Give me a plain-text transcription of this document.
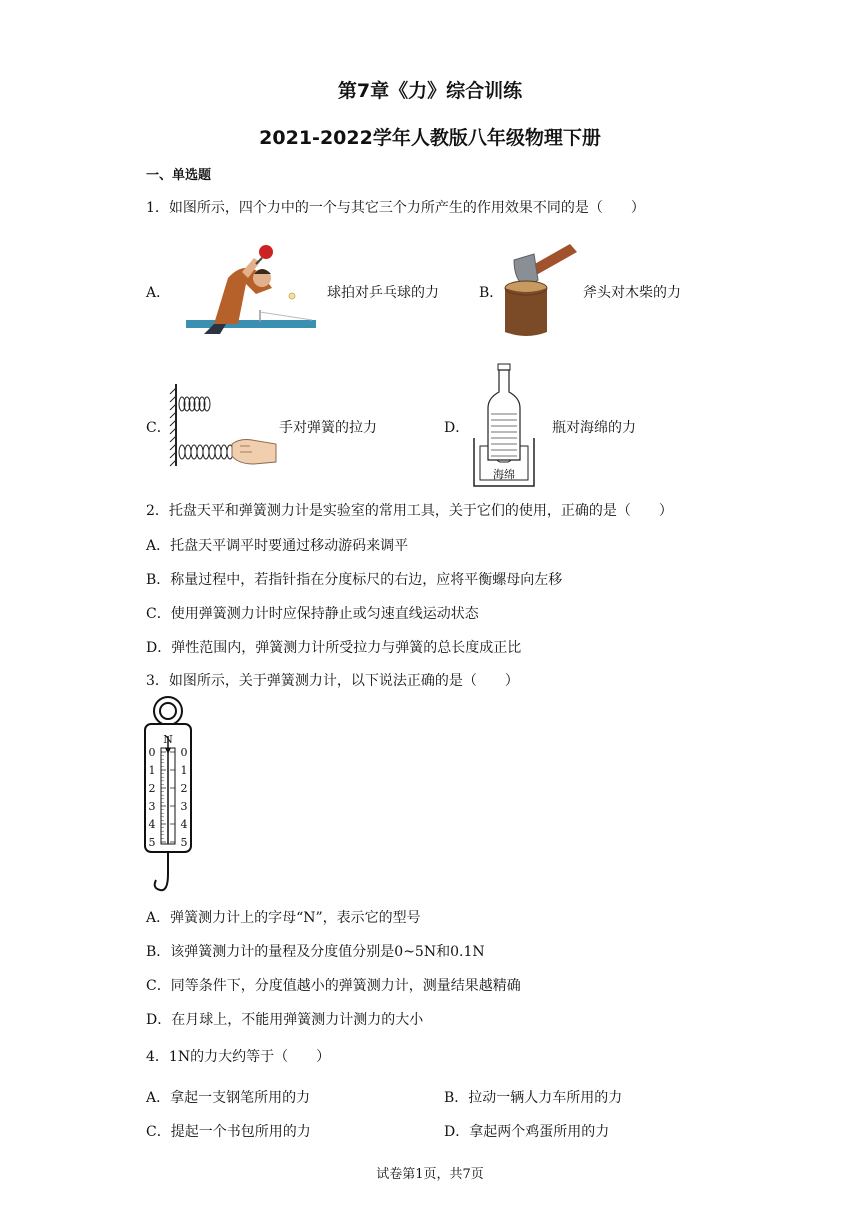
第7章《力》综合训练
2021-2022学年人教版八年级物理下册
一、单选题
1．如图所示，四个力中的一个与其它三个力所产生的作用效果不同的是（　　）
A．	球拍对乒乓球的力	B．	斧头对木柴的力
C．	手对弹簧的拉力	D．
海绵
瓶对海绵的力
2．托盘天平和弹簧测力计是实验室的常用工具，关于它们的使用，正确的是（　　）
A．托盘天平调平时要通过移动游码来调平
B．称量过程中，若指针指在分度标尺的右边，应将平衡螺母向左移
C．使用弹簧测力计时应保持静止或匀速直线运动状态
D．弹性范围内，弹簧测力计所受拉力与弹簧的总长度成正比
3．如图所示，关于弹簧测力计，以下说法正确的是（　　）
N
0
1
2
3
4
5
0
1
2
3
4
5
A．弹簧测力计上的字母“N”，表示它的型号
B．该弹簧测力计的量程及分度值分别是0~5N和0.1N
C．同等条件下，分度值越小的弹簧测力计，测量结果越精确
D．在月球上，不能用弹簧测力计测力的大小
4．1N的力大约等于（　　）
A．拿起一支钢笔所用的力	B．拉动一辆人力车所用的力
C．提起一个书包所用的力	D．拿起两个鸡蛋所用的力
试卷第1页，共7页
